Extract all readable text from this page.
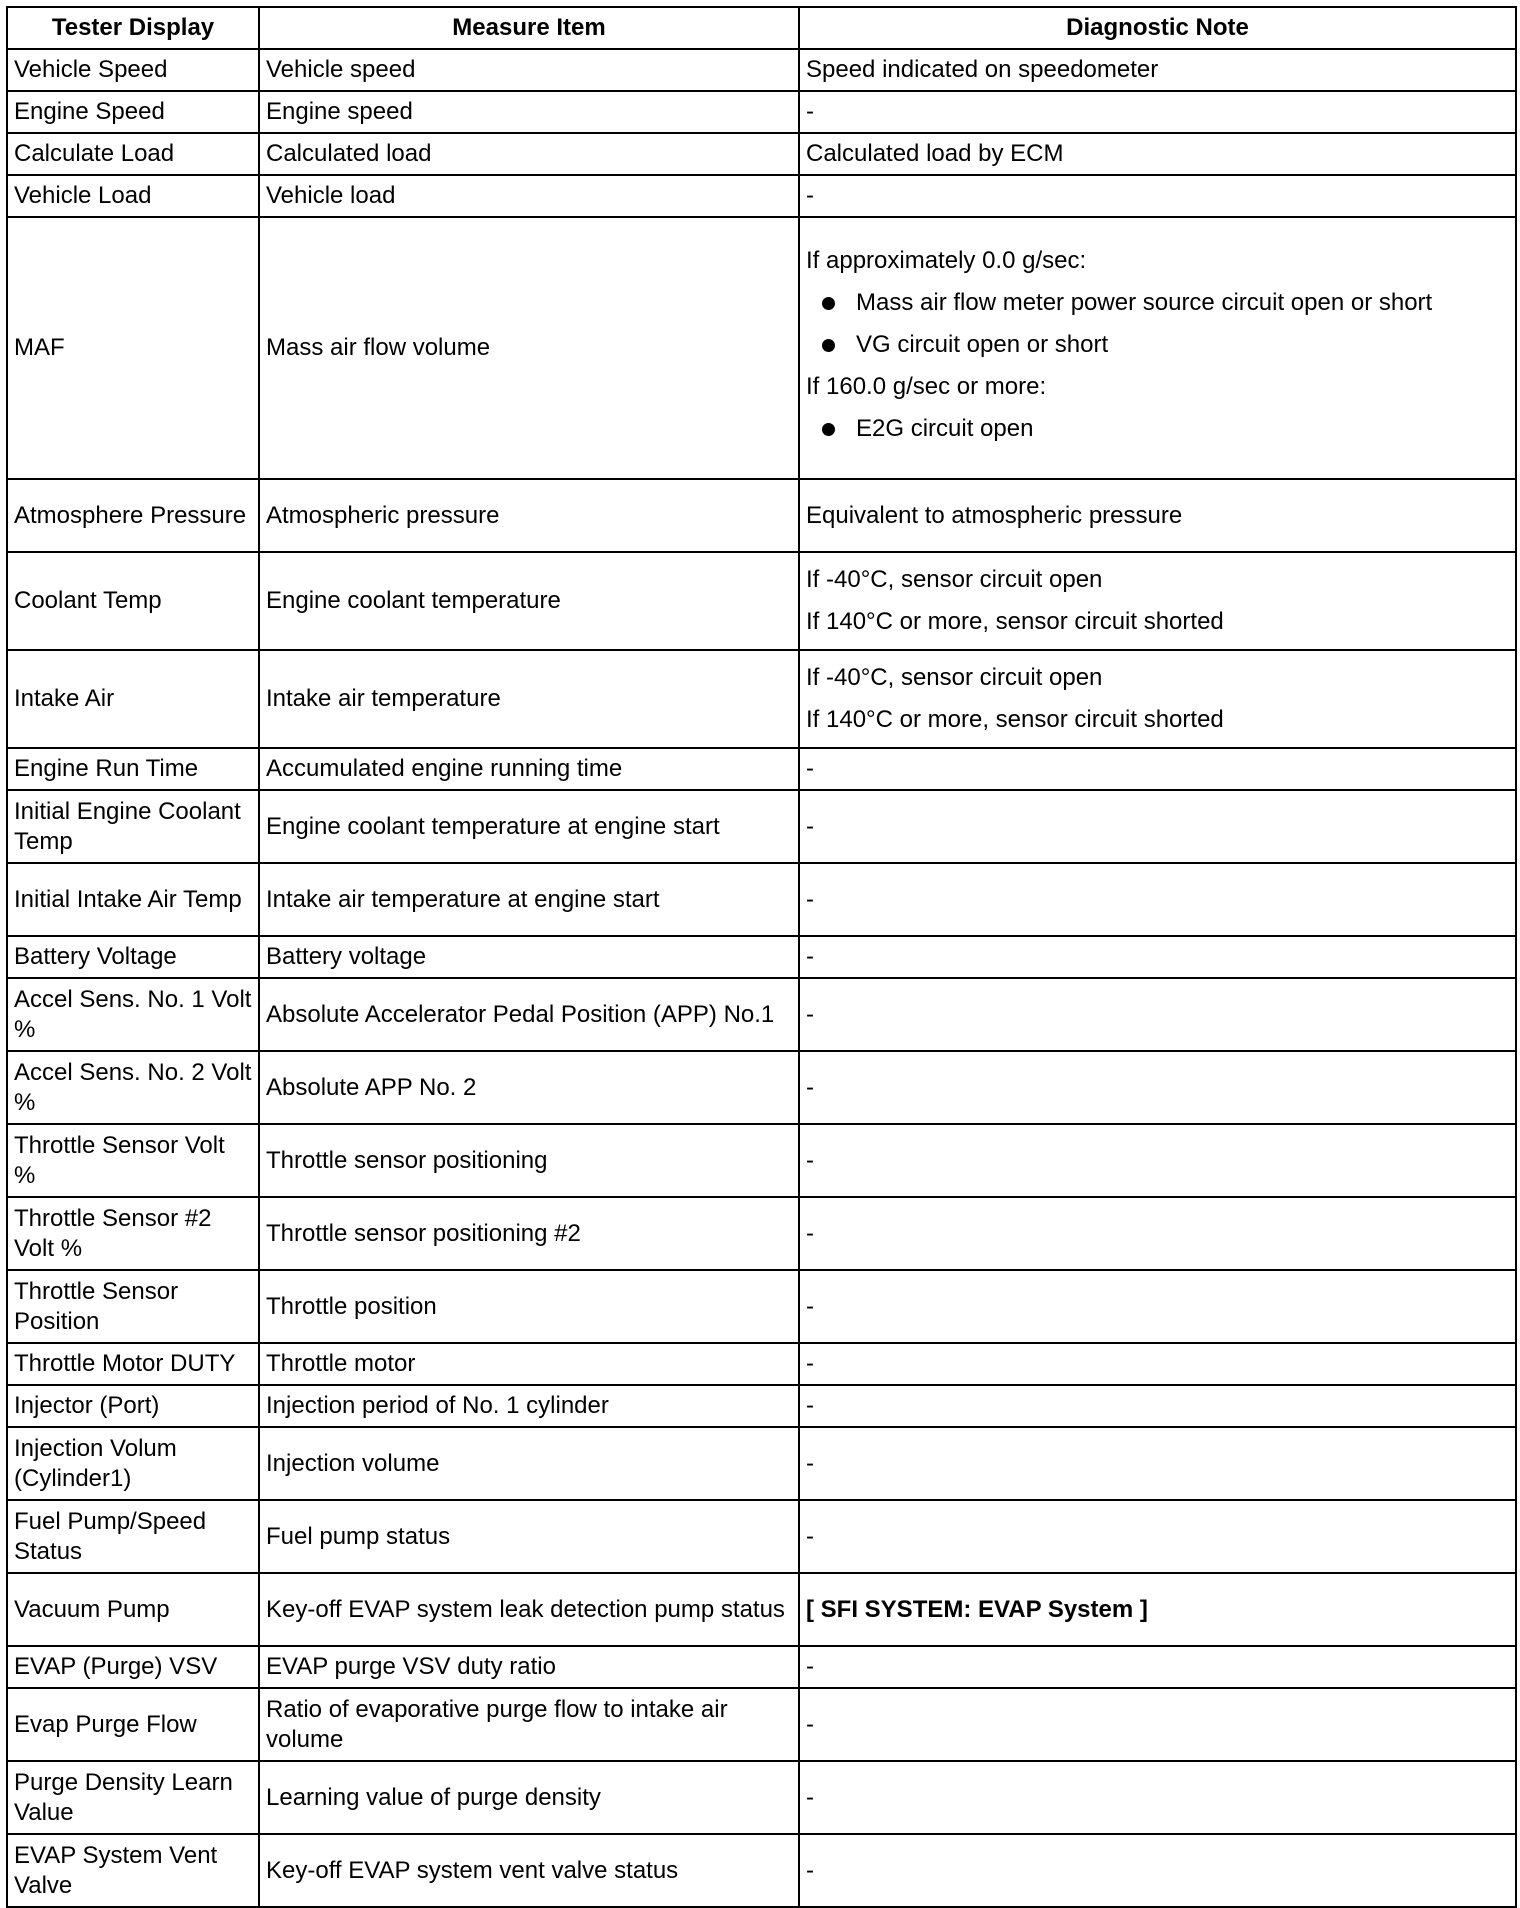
Tester Display	Measure Item	Diagnostic Note
Vehicle Speed	Vehicle speed	Speed indicated on speedometer
Engine Speed	Engine speed	-
Calculate Load	Calculated load	Calculated load by ECM
Vehicle Load	Vehicle load	-
MAF	Mass air flow volume	If approximately 0.0 g/sec:
Mass air flow meter power source circuit open or short
VG circuit open or short
If 160.0 g/sec or more:
E2G circuit open

Atmosphere Pressure	Atmospheric pressure	Equivalent to atmospheric pressure
Coolant Temp	Engine coolant temperature	If -40°C, sensor circuit open
If 140°C or more, sensor circuit shorted

Intake Air	Intake air temperature	If -40°C, sensor circuit open
If 140°C or more, sensor circuit shorted

Engine Run Time	Accumulated engine running time	-
Initial Engine Coolant Temp	Engine coolant temperature at engine start	-
Initial Intake Air Temp	Intake air temperature at engine start	-
Battery Voltage	Battery voltage	-
Accel Sens. No. 1 Volt %	Absolute Accelerator Pedal Position (APP) No.1	-
Accel Sens. No. 2 Volt %	Absolute APP No. 2	-
Throttle Sensor Volt %	Throttle sensor positioning	-
Throttle Sensor #2 Volt %	Throttle sensor positioning #2	-
Throttle Sensor Position	Throttle position	-
Throttle Motor DUTY	Throttle motor	-
Injector (Port)	Injection period of No. 1 cylinder	-
Injection Volum (Cylinder1)	Injection volume	-
Fuel Pump/Speed Status	Fuel pump status	-
Vacuum Pump	Key-off EVAP system leak detection pump status	[ SFI SYSTEM: EVAP System ]
EVAP (Purge) VSV	EVAP purge VSV duty ratio	-
Evap Purge Flow	Ratio of evaporative purge flow to intake air volume	-
Purge Density Learn Value	Learning value of purge density	-
EVAP System Vent Valve	Key-off EVAP system vent valve status	-
